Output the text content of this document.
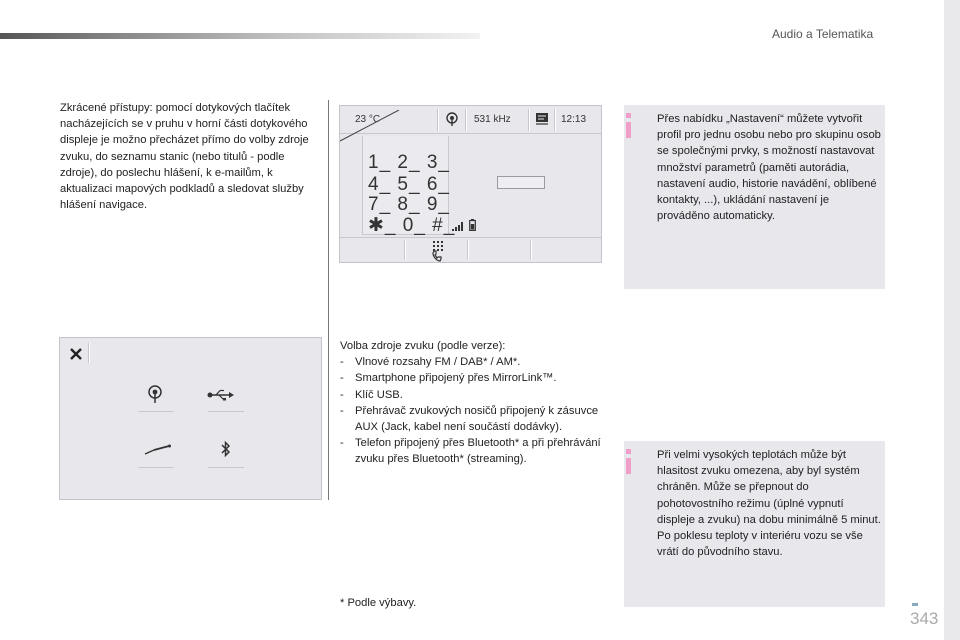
Audio a Telematika
Zkrácené přístupy: pomocí dotykových tlačítek nacházejících se v pruhu v horní části dotykového displeje je možno přecházet přímo do volby zdroje zvuku, do seznamu stanic (nebo titulů - podle zdroje), do poslechu hlášení, k e-mailům, k aktualizaci mapových podkladů a sledovat služby hlášení navigace.
23 °C	531 kHz	12:13
1_ 2_ 3_
4_ 5_ 6_
7_ 8_ 9_
✱_ 0_ #_
Přes nabídku „Nastavení“ můžete vytvořit profil pro jednu osobu nebo pro skupinu osob se společnými prvky, s možností nastavovat množství parametrů (paměti autorádia, nastavení audio, historie navádění, oblíbené kontakty, ...), ukládání nastavení je prováděno automaticky.
Při velmi vysokých teplotách může být hlasitost zvuku omezena, aby byl systém chráněn. Může se přepnout do pohotovostního režimu (úplné vypnutí displeje a zvuku) na dobu minimálně 5 minut.
Po poklesu teploty v interiéru vozu se vše vrátí do původního stavu.
Volba zdroje zvuku (podle verze):
- Vlnové rozsahy FM / DAB* / AM*.
- Smartphone připojený přes MirrorLink™.
- Klíč USB.
- Přehrávač zvukových nosičů připojený k zásuvce AUX (Jack, kabel není součástí dodávky).
- Telefon připojený přes Bluetooth* a při přehrávání zvuku přes Bluetooth* (streaming).
* Podle výbavy.
343
